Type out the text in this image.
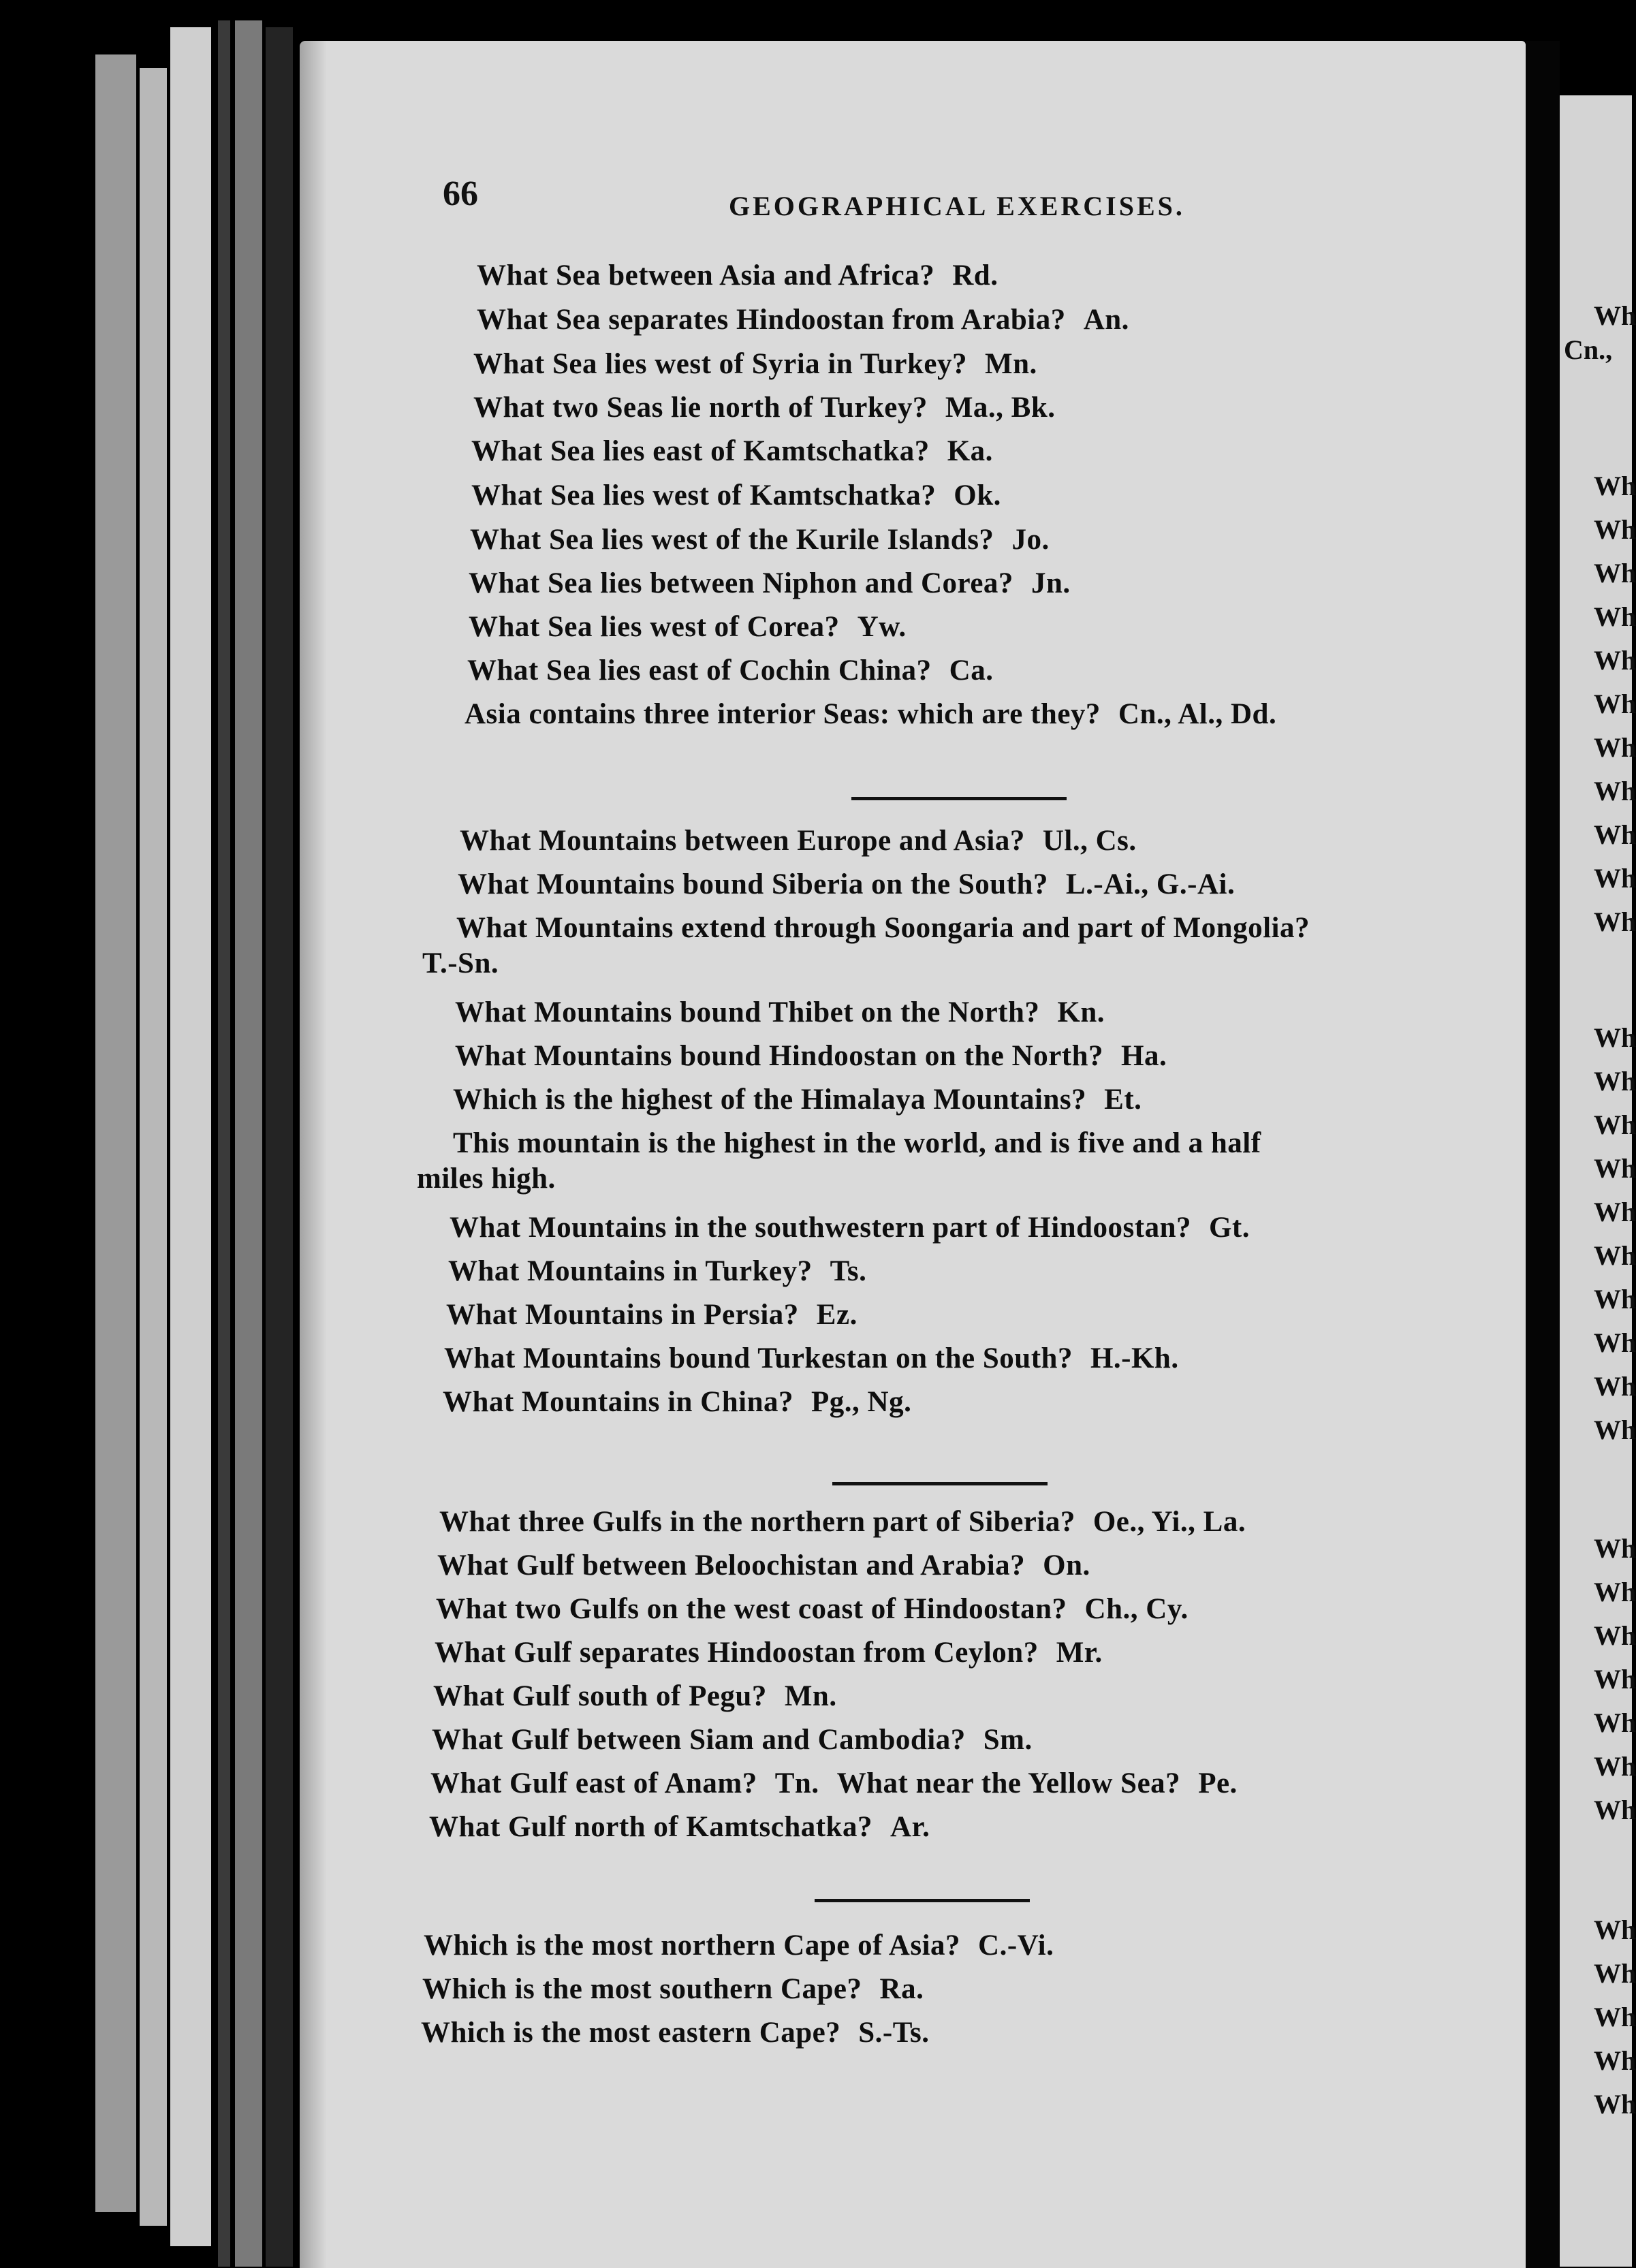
66	GEOGRAPHICAL EXERCISES.
What Sea between Asia and Africa? Rd.
What Sea separates Hindoostan from Arabia? An.
What Sea lies west of Syria in Turkey? Mn.
What two Seas lie north of Turkey? Ma., Bk.
What Sea lies east of Kamtschatka? Ka.
What Sea lies west of Kamtschatka? Ok.
What Sea lies west of the Kurile Islands? Jo.
What Sea lies between Niphon and Corea? Jn.
What Sea lies west of Corea? Yw.
What Sea lies east of Cochin China? Ca.
Asia contains three interior Seas: which are they? Cn., Al., Dd.
What Mountains between Europe and Asia? Ul., Cs.
What Mountains bound Siberia on the South? L.-Ai., G.-Ai.
What Mountains extend through Soongaria and part of Mongolia?
T.-Sn.
What Mountains bound Thibet on the North? Kn.
What Mountains bound Hindoostan on the North? Ha.
Which is the highest of the Himalaya Mountains? Et.
This mountain is the highest in the world, and is five and a half
miles high.
What Mountains in the southwestern part of Hindoostan? Gt.
What Mountains in Turkey? Ts.
What Mountains in Persia? Ez.
What Mountains bound Turkestan on the South? H.-Kh.
What Mountains in China? Pg., Ng.
What three Gulfs in the northern part of Siberia? Oe., Yi., La.
What Gulf between Beloochistan and Arabia? On.
What two Gulfs on the west coast of Hindoostan? Ch., Cy.
What Gulf separates Hindoostan from Ceylon? Mr.
What Gulf south of Pegu? Mn.
What Gulf between Siam and Cambodia? Sm.
What Gulf east of Anam? Tn. What near the Yellow Sea? Pe.
What Gulf north of Kamtschatka? Ar.
Which is the most northern Cape of Asia? C.-Vi.
Which is the most southern Cape? Ra.
Which is the most eastern Cape? S.-Ts.
Wh
Cn.,
Wh
Wh
Wh
Wh
Wh
Wh
Wh
Wh
Wh
Wh
Wh
Wh
Wh
Wh
Wh
Wh
Wh
Wh
Wh
Wh
Wh
Wh
Wh
Wh
Wh
Wh
Wh
Wh
Wh
Wh
Wh
Wh
Wh
